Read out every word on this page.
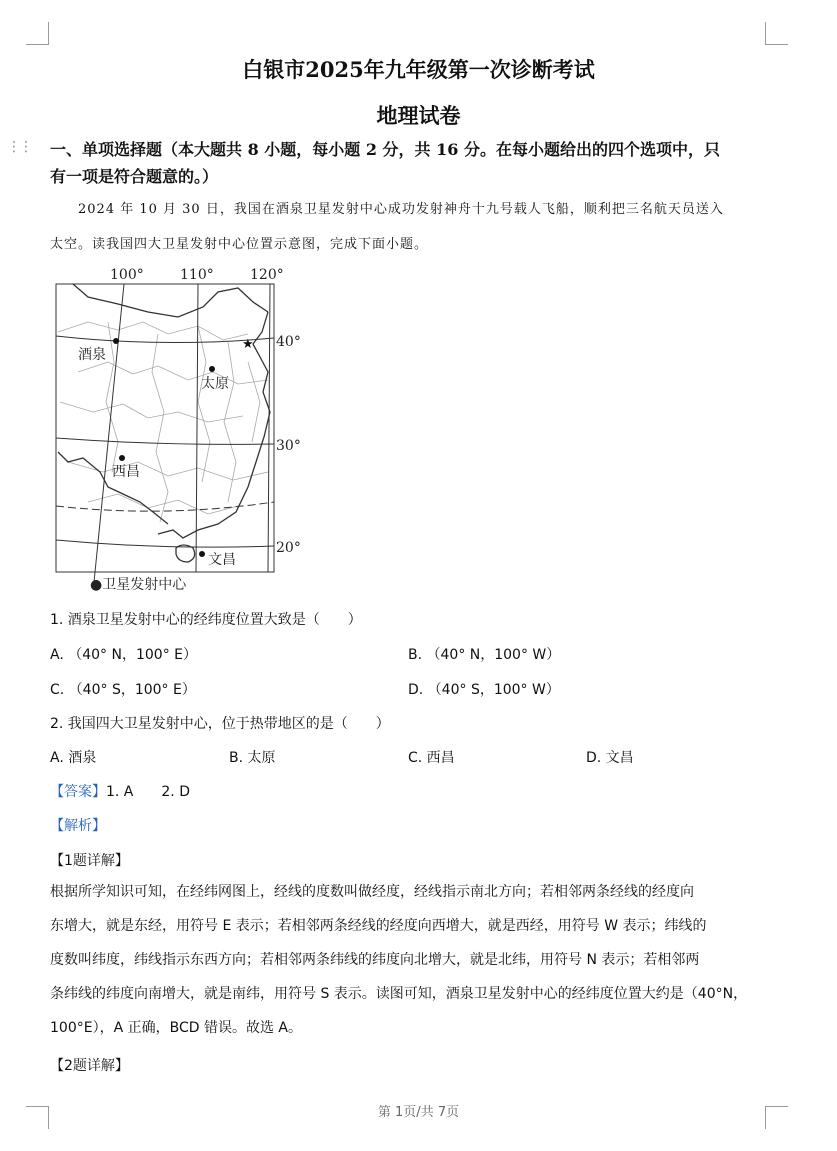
白银市2025年九年级第一次诊断考试
地理试卷
⋮⋮ 一、单项选择题（本大题共 8 小题，每小题 2 分，共 16 分。在每小题给出的四个选项中，只
有一项是符合题意的。）
2024 年 10 月 30 日，我国在酒泉卫星发射中心成功发射神舟十九号载人飞船，顺利把三名航天员送入
太空。读我国四大卫星发射中心位置示意图，完成下面小题。
100°	110°	120°
40°
30°
20°
酒泉
太原
西昌
文昌
★
●卫星发射中心
1. 酒泉卫星发射中心的经纬度位置大致是（　　）
A. （40° N，100° E）	B. （40° N，100° W）
C. （40° S，100° E）	D. （40° S，100° W）
2. 我国四大卫星发射中心，位于热带地区的是（　　）
A. 酒泉	B. 太原	C. 西昌	D. 文昌
【答案】1. A　　2. D
【解析】
【1题详解】
根据所学知识可知，在经纬网图上，经线的度数叫做经度，经线指示南北方向；若相邻两条经线的经度向
东增大，就是东经，用符号 E 表示；若相邻两条经线的经度向西增大，就是西经，用符号 W 表示；纬线的
度数叫纬度，纬线指示东西方向；若相邻两条纬线的纬度向北增大，就是北纬，用符号 N 表示；若相邻两
条纬线的纬度向南增大，就是南纬，用符号 S 表示。读图可知，酒泉卫星发射中心的经纬度位置大约是（40°N，
100°E），A 正确，BCD 错误。故选 A。
【2题详解】
第 1页/共 7页
